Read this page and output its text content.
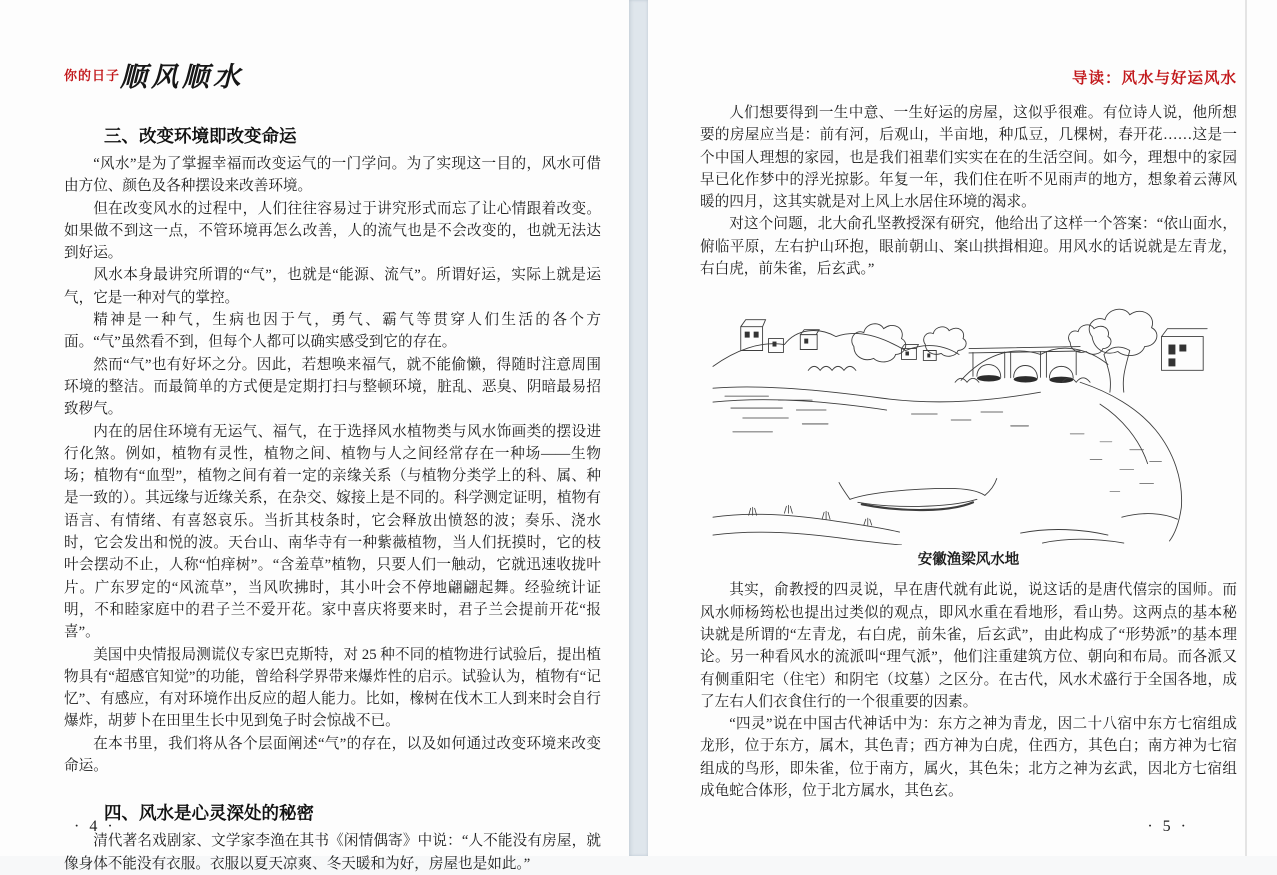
$^{你的日子}$顺风顺水
三、改变环境即改变命运

“风水”是为了掌握幸福而改变运气的一门学问。为了实现这一目的，风水可借由方位、颜色及各种摆设来改善环境。

但在改变风水的过程中，人们往往容易过于讲究形式而忘了让心情跟着改变。如果做不到这一点，不管环境再怎么改善，人的流气也是不会改变的，也就无法达到好运。

风水本身最讲究所谓的“气”，也就是“能源、流气”。所谓好运，实际上就是运气，它是一种对气的掌控。

精神是一种气，生病也因于气，勇气、霸气等贯穿人们生活的各个方面。“气”虽然看不到，但每个人都可以确实感受到它的存在。

然而“气”也有好坏之分。因此，若想唤来福气，就不能偷懒，得随时注意周围环境的整洁。而最简单的方式便是定期打扫与整顿环境，脏乱、恶臭、阴暗最易招致秽气。

内在的居住环境有无运气、福气，在于选择风水植物类与风水饰画类的摆设进行化煞。例如，植物有灵性，植物之间、植物与人之间经常存在一种场——生物场；植物有“血型”，植物之间有着一定的亲缘关系（与植物分类学上的科、属、种是一致的）。其远缘与近缘关系，在杂交、嫁接上是不同的。科学测定证明，植物有语言、有情绪、有喜怒哀乐。当折其枝条时，它会释放出愤怒的波；奏乐、浇水时，它会发出和悦的波。天台山、南华寺有一种紫薇植物，当人们抚摸时，它的枝叶会摆动不止，人称“怕痒树”。“含羞草”植物，只要人们一触动，它就迅速收拢叶片。广东罗定的“风流草”，当风吹拂时，其小叶会不停地翩翩起舞。经验统计证明，不和睦家庭中的君子兰不爱开花。家中喜庆将要来时，君子兰会提前开花“报喜”。

美国中央情报局测谎仪专家巴克斯特，对 25 种不同的植物进行试验后，提出植物具有“超感官知觉”的功能，曾给科学界带来爆炸性的启示。试验认为，植物有“记忆”、有感应，有对环境作出反应的超人能力。比如，橡树在伐木工人到来时会自行爆炸，胡萝卜在田里生长中见到兔子时会惊战不已。

在本书里，我们将从各个层面阐述“气”的存在，以及如何通过改变环境来改变命运。

四、风水是心灵深处的秘密

清代著名戏剧家、文学家李渔在其书《闲情偶寄》中说：“人不能没有房屋，就像身体不能没有衣服。衣服以夏天凉爽、冬天暖和为好，房屋也是如此。”

· 4 ·
导读：风水与好运风水

人们想要得到一生中意、一生好运的房屋，这似乎很难。有位诗人说，他所想要的房屋应当是：前有河，后观山，半亩地，种瓜豆，几棵树，春开花……这是一个中国人理想的家园，也是我们祖辈们实实在在的生活空间。如今，理想中的家园早已化作梦中的浮光掠影。年复一年，我们住在听不见雨声的地方，想象着云薄风暖的四月，这其实就是对上风上水居住环境的渴求。

对这个问题，北大俞孔坚教授深有研究，他给出了这样一个答案：“依山面水，俯临平原，左右护山环抱，眼前朝山、案山拱揖相迎。用风水的话说就是左青龙，右白虎，前朱雀，后玄武。”

安徽渔梁风水地

其实，俞教授的四灵说，早在唐代就有此说，说这话的是唐代僖宗的国师。而风水师杨筠松也提出过类似的观点，即风水重在看地形，看山势。这两点的基本秘诀就是所谓的“左青龙，右白虎，前朱雀，后玄武”，由此构成了“形势派”的基本理论。另一种看风水的流派叫“理气派”，他们注重建筑方位、朝向和布局。而各派又有侧重阳宅（住宅）和阴宅（坟墓）之区分。在古代，风水术盛行于全国各地，成了左右人们衣食住行的一个很重要的因素。

“四灵”说在中国古代神话中为：东方之神为青龙，因二十八宿中东方七宿组成龙形，位于东方，属木，其色青；西方神为白虎，住西方，其色白；南方神为七宿组成的鸟形，即朱雀，位于南方，属火，其色朱；北方之神为玄武，因北方七宿组成龟蛇合体形，位于北方属水，其色玄。

· 5 ·
